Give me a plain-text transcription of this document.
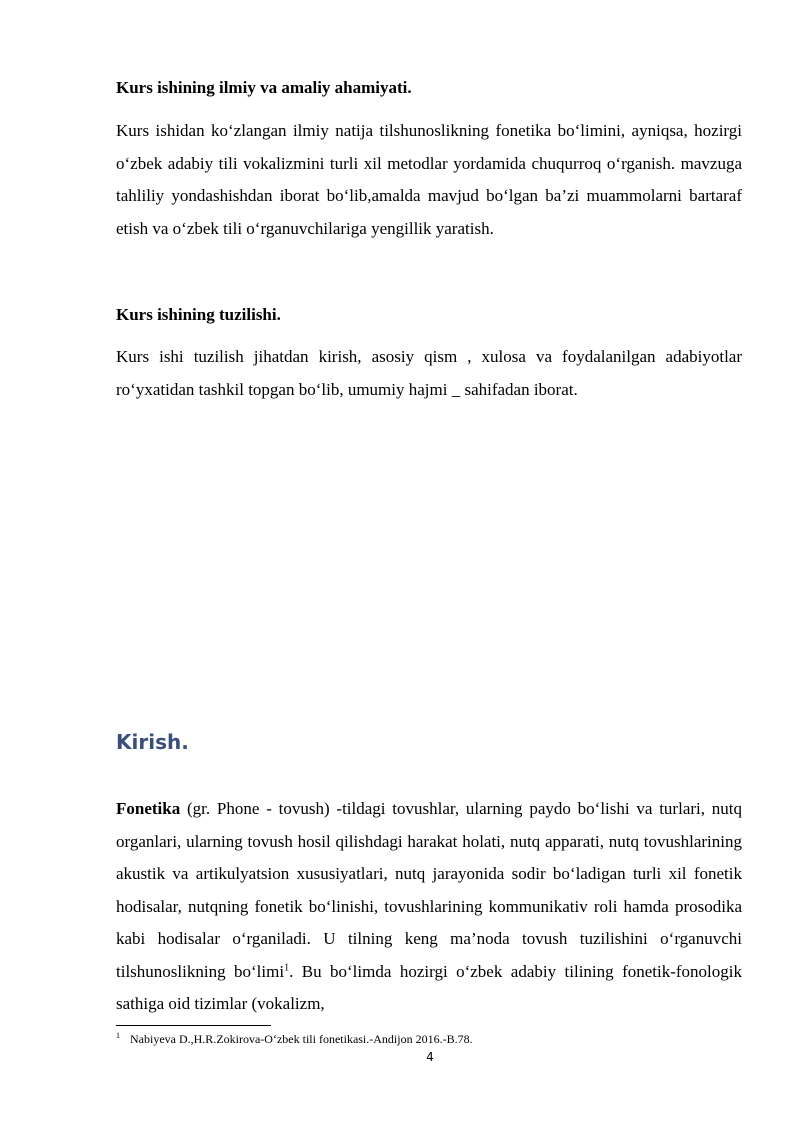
Kurs ishining ilmiy va amaliy ahamiyati.

Kurs ishidan ko‘zlangan ilmiy natija tilshunoslikning fonetika bo‘limini, ayniqsa, hozirgi o‘zbek adabiy tili vokalizmini turli xil metodlar yordamida chuqurroq o‘rganish. mavzuga tahliliy yondashishdan iborat bo‘lib,amalda mavjud bo‘lgan ba’zi muammolarni bartaraf etish va o‘zbek tili o‘rganuvchilariga yengillik yaratish.

Kurs ishining tuzilishi.

Kurs ishi tuzilish jihatdan kirish, asosiy qism , xulosa va foydalanilgan adabiyotlar ro‘yxatidan tashkil topgan bo‘lib, umumiy hajmi _ sahifadan iborat.

Kirish.

Fonetika (gr. Phone - tovush) -tildagi tovushlar, ularning paydo bo‘lishi va turlari, nutq organlari, ularning tovush hosil qilishdagi harakat holati, nutq apparati, nutq tovushlarining akustik va artikulyatsion xususiyatlari, nutq jarayonida sodir bo‘ladigan turli xil fonetik hodisalar, nutqning fonetik bo‘linishi, tovushlarining kommunikativ roli hamda prosodika kabi hodisalar o‘rganiladi. U tilning keng ma’noda tovush tuzilishini o‘rganuvchi tilshunoslikning bo‘limi$^1$. Bu bo‘limda hozirgi o‘zbek adabiy tilining fonetik-fonologik sathiga oid tizimlar (vokalizm,

$^1$ Nabiyeva D.,H.R.Zokirova-O‘zbek tili fonetikasi.-Andijon 2016.-B.78.
4
